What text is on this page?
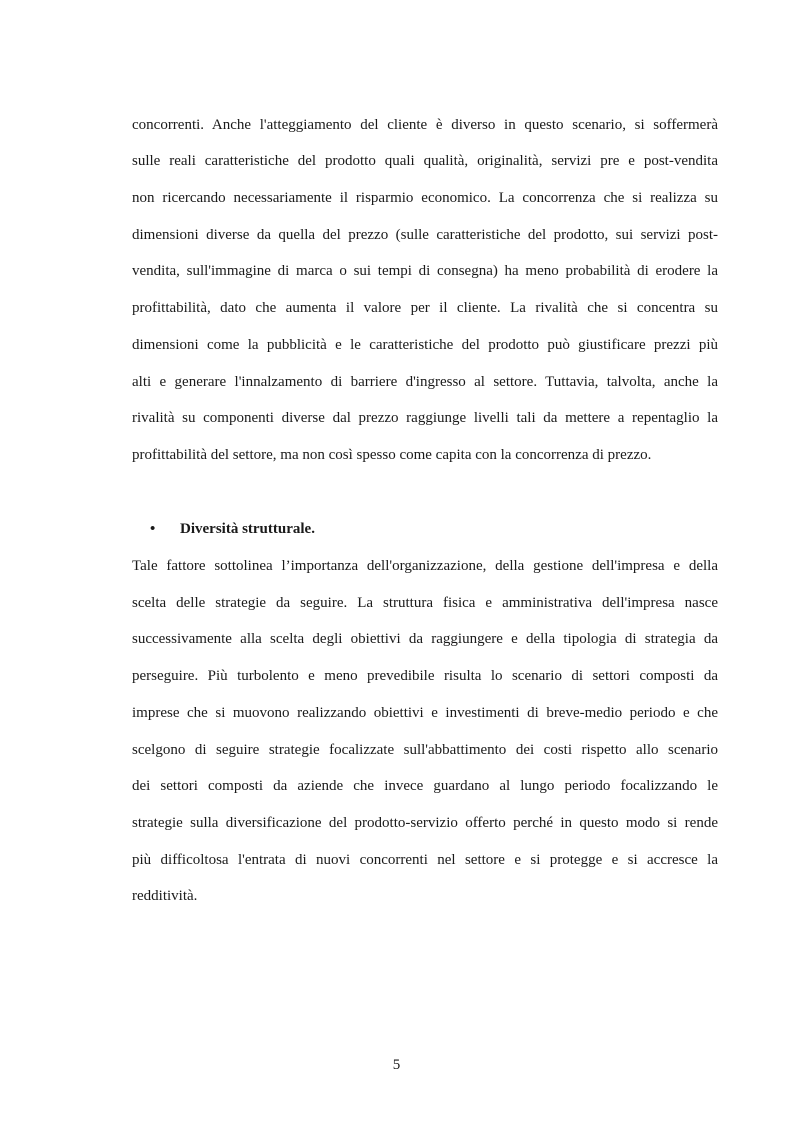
concorrenti. Anche l'atteggiamento del cliente è diverso in questo scenario, si soffermerà
sulle reali caratteristiche del prodotto quali qualità, originalità, servizi pre e post-vendita
non ricercando necessariamente il risparmio economico. La concorrenza che si realizza su
dimensioni diverse da quella del prezzo (sulle caratteristiche del prodotto, sui servizi post-
vendita, sull'immagine di marca o sui tempi di consegna) ha meno probabilità di erodere la
profittabilità, dato che aumenta il valore per il cliente. La rivalità che si concentra su
dimensioni come la pubblicità e le caratteristiche del prodotto può giustificare prezzi più
alti e generare l'innalzamento di barriere d'ingresso al settore. Tuttavia, talvolta, anche la
rivalità su componenti diverse dal prezzo raggiunge livelli tali da mettere a repentaglio la
profittabilità del settore, ma non così spesso come capita con la concorrenza di prezzo.
• Diversità strutturale.
Tale fattore sottolinea l’importanza dell'organizzazione, della gestione dell'impresa e della
scelta delle strategie da seguire. La struttura fisica e amministrativa dell'impresa nasce
successivamente alla scelta degli obiettivi da raggiungere e della tipologia di strategia da
perseguire. Più turbolento e meno prevedibile risulta lo scenario di settori composti da
imprese che si muovono realizzando obiettivi e investimenti di breve-medio periodo e che
scelgono di seguire strategie focalizzate sull'abbattimento dei costi rispetto allo scenario
dei settori composti da aziende che invece guardano al lungo periodo focalizzando le
strategie sulla diversificazione del prodotto-servizio offerto perché in questo modo si rende
più difficoltosa l'entrata di nuovi concorrenti nel settore e si protegge e si accresce la
redditività.
5
